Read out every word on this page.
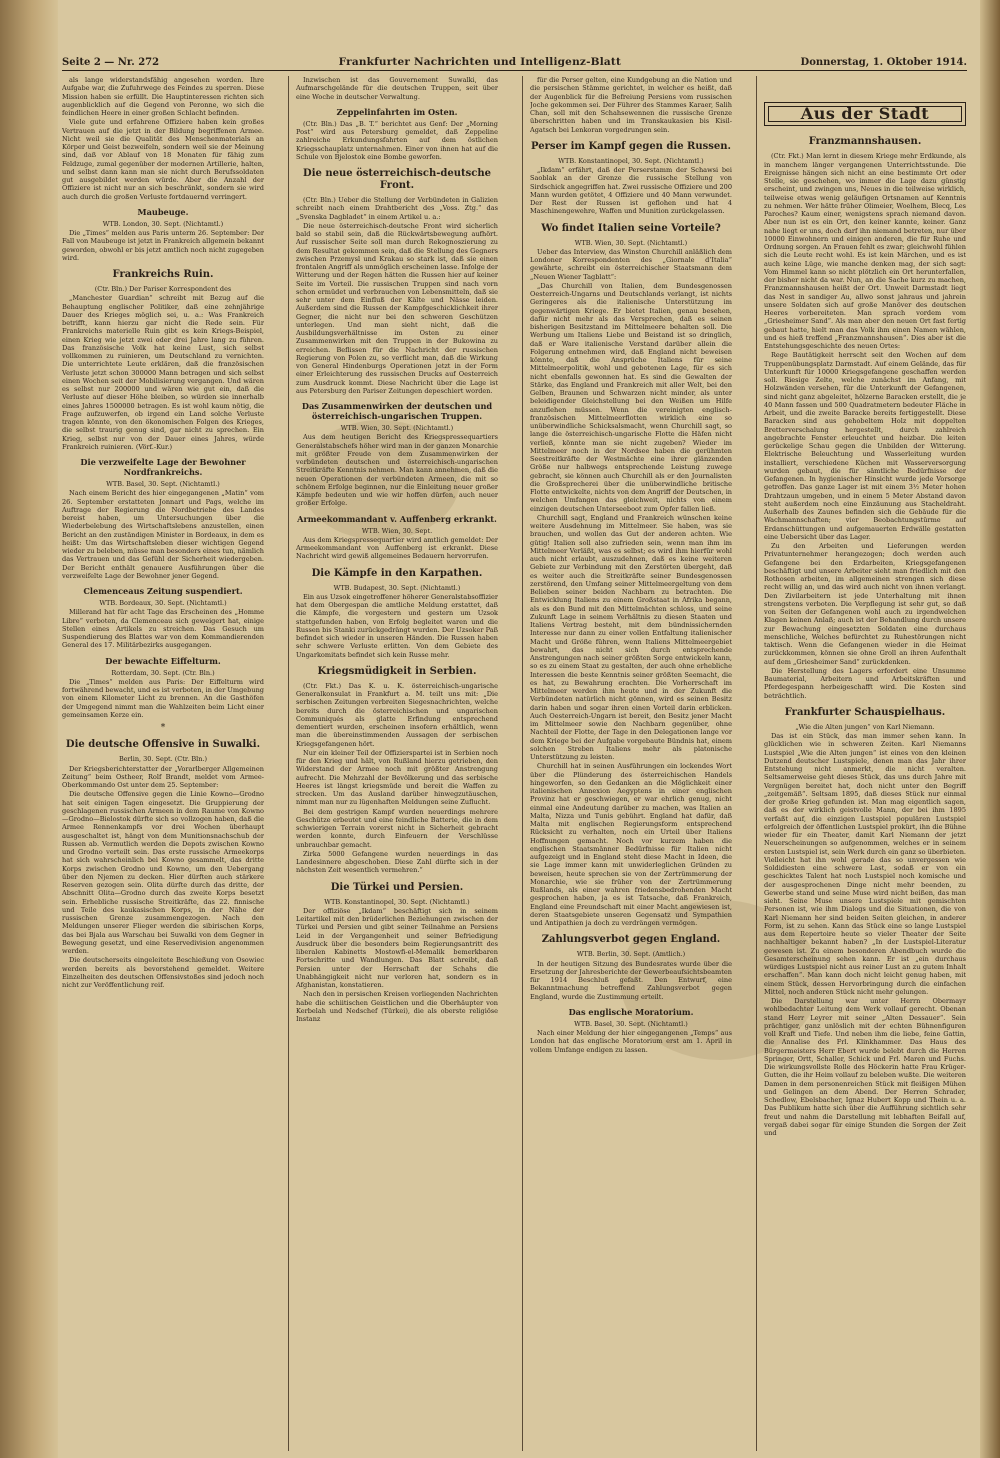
Seite 2 — Nr. 272	Frankfurter Nachrichten und Intelligenz-Blatt	Donnerstag, 1. Oktober 1914.

als lange widerstandsfähig angesehen worden. Ihre Aufgabe war, die Zufuhrwege des Feindes zu sperren. Diese Mission haben sie erfüllt. Die Hauptinteressen richten sich augenblicklich auf die Gegend von Peronne, wo sich die feindlichen Heere in einer großen Schlacht befinden.

Viele gute und erfahrene Offiziere haben kein großes Vertrauen auf die jetzt in der Bildung begriffenen Armee. Nicht weil sie die Qualität des Menschenmaterials an Körper und Geist bezweifeln, sondern weil sie der Meinung sind, daß vor Ablauf von 18 Monaten für fähig zum Feldzuge, zumal gegenüber der modernen Artillerie, halten, und selbst dann kann man sie nicht durch Berufssoldaten gut ausgebildet werden würde. Aber die Anzahl der Offiziere ist nicht nur an sich beschränkt, sondern sie wird auch durch die großen Verluste fortdauernd verringert.

Maubeuge.
WTB. London, 30. Sept. (Nichtamtl.)

Die „Times“ melden aus Paris unterm 26. September: Der Fall von Maubeuge ist jetzt in Frankreich allgemein bekannt geworden, obwohl er bis jetzt amtlich noch nicht zugegeben wird.

Frankreichs Ruin.
(Ctr. Bln.) Der Pariser Korrespondent des

„Manchester Guardian“ schreibt mit Bezug auf die Behauptung englischer Politiker, daß eine zehnjährige Dauer des Krieges möglich sei, u. a.: Was Frankreich betrifft, kann hierzu gar nicht die Rede sein. Für Frankreichs materielle Ruin gibt es kein Kriegs-Beispiel, einen Krieg wie jetzt zwei oder drei Jahre lang zu führen. Das französische Volk hat keine Lust, sich selbst vollkommen zu ruinieren, um Deutschland zu vernichten. Die unterrichtete Leute erklären, daß die französischen Verluste jetzt schon 300000 Mann betragen und sich selbst einen Wochen seit der Mobilisierung vergangen. Und wären es selbst nur 200000 und wären wie gut ein, daß die Verluste auf dieser Höhe bleiben, so würden sie innerhalb eines Jahres 1500000 betragen. Es ist wohl kaum nötig, die Frage aufzuwerfen, ob irgend ein Land solche Verluste tragen könnte, von den ökonomischen Folgen des Krieges, die selbst traurig genug sind, gar nicht zu sprechen. Ein Krieg, selbst nur von der Dauer eines Jahres, würde Frankreich ruinieren. (Vörf.-Kur.)

Die verzweifelte Lage der Bewohner Nordfrankreichs.
WTB. Basel, 30. Sept. (Nichtamtl.)

Nach einem Bericht des hier eingegangenen „Matin“ vom 26. September erstatteten Jonnart und Pags, welche im Auftrage der Regierung die Nordbetriebe des Landes bereist haben, um Untersuchungen über die Wiederbelebung des Wirtschaftslebens anzustellen, einen Bericht an den zuständigen Minister in Bordeaux, in dem es heißt: Um das Wirtschaftsleben dieser wichtigen Gegend wieder zu beleben, müsse man besonders eines tun, nämlich das Vertrauen und das Gefühl der Sicherheit wiedergeben. Der Bericht enthält genauere Ausführungen über die verzweifelte Lage der Bewohner jener Gegend.

Clemenceaus Zeitung suspendiert.
WTB. Bordeaux, 30. Sept. (Nichtamtl.)

Millerand hat für acht Tage das Erscheinen des „Homme Libre“ verboten, da Clemenceau sich geweigert hat, einige Stellen eines Artikels zu streichen. Das Gesuch um Suspendierung des Blattes war von dem Kommandierenden General des 17. Militärbezirks ausgegangen.

Der bewachte Eiffelturm.
Rotterdam, 30. Sept. (Ctr. Bln.)

Die „Times“ melden aus Paris: Der Eiffelturm wird fortwährend bewacht, und es ist verboten, in der Umgebung von einem Kilometer Licht zu brennen. An die Gasthöfen der Umgegend nimmt man die Wahlzeiten beim Licht einer gemeinsamen Kerze ein.

*
Die deutsche Offensive in Suwalki.
Berlin, 30. Sept. (Ctr. Bln.)

Der Kriegsberichterstatter der „Vorarlberger Allgemeinen Zeitung“ beim Ostheer, Rolf Brandt, meldet vom Armee-Oberkommando Ost unter dem 25. September:

Die deutsche Offensive gegen die Linie Kowno—Grodno hat seit einigen Tagen eingesetzt. Die Gruppierung der geschlagenen russischen Armeen in dem Raume von Kowno—Grodno—Bielostok dürfte sich so vollzogen haben, daß die Armee Rennenkampfs vor drei Wochen überhaupt ausgeschaltet ist, hängt von dem Munitionsnachschub der Russen ab. Vermutlich werden die Depots zwischen Kowno und Grodno verteilt sein. Das erste russische Armeekorps hat sich wahrscheinlich bei Kowno gesammelt, das dritte Korps zwischen Grodno und Kowno, um den Uebergang über den Njemen zu decken. Hier dürften auch stärkere Reserven gezogen sein. Olita dürfte durch das dritte, der Abschnitt Olita—Grodno durch das zweite Korps besetzt sein. Erhebliche russische Streitkräfte, das 22. finnische und Teile des kaukasischen Korps, in der Nähe der russischen Grenze zusammengezogen. Nach den Meldungen unserer Flieger werden die sibirischen Korps, das bei Bjala aus Warschau bei Suwalki von dem Gegner in Bewegung gesetzt, und eine Reservedivision angenommen werden.

Die deutscherseits eingeleitete Beschießung von Osowiec werden bereits als bevorstehend gemeldet. Weitere Einzelheiten des deutschen Offensivstoßes sind jedoch noch nicht zur Veröffentlichung reif.

Inzwischen ist das Gouvernement Suwalki, das Aufmarschgelände für die deutschen Truppen, seit über eine Woche in deutscher Verwaltung.

Zeppelinfahrten im Osten.

(Ctr. Bln.) Das „B. T.“ berichtet aus Genf: Der „Morning Post“ wird aus Petersburg gemeldet, daß Zeppeline zahlreiche Erkundungsfahrten auf dem östlichen Kriegsschauplatz unternahmen. Einer von ihnen hat auf die Schule von Bjelostok eine Bombe geworfen.

Die neue österreichisch-deutsche Front.

(Ctr. Bln.) Ueber die Stellung der Verbündeten in Galizien schreibt nach einem Drahtbericht des „Voss. Ztg.“ das „Svenska Dagbladet“ in einem Artikel u. a.:

Die neue österreichisch-deutsche Front wird sicherlich bald so stabil sein, daß die Rückwärtsbewegung aufhört. Auf russischer Seite soll man durch Rekognoszierung zu dem Resultat gekommen sein, daß die Stellung des Gegners zwischen Przemysl und Krakau so stark ist, daß sie einen frontalen Angriff als unmöglich erscheinen lasse. Infolge der Witterung und der Regen hätten die Russen hier auf keiner Seite im Vorteil. Die russischen Truppen sind nach vorn schon ermüdet und verbrauchen von Lebensmitteln, daß sie sehr unter dem Einfluß der Kälte und Nässe leiden. Außerdem sind die Russen der Kampfgeschicklichkeit ihrer Gegner, die nicht nur bei den schweren Geschützen unterlegen. Und man sieht nicht, daß die Ausbildungsverhältnisse im Osten zu einer Zusammenwirken mit den Truppen in der Bukowina zu erreichen. Beflissen für die Nachricht der russischen Regierung von Polen zu, so verflicht man, daß die Wirkung von General Hindenburgs Operationen jetzt in der Form einer Erleichterung des russischen Drucks auf Oesterreich zum Ausdruck kommt. Diese Nachricht über die Lage ist aus Petersburg den Pariser Zeitungen depeschiert worden.

Das Zusammenwirken der deutschen und österreichisch-ungarischen Truppen.
WTB. Wien, 30. Sept. (Nichtamtl.)

Aus dem heutigen Bericht des Kriegspressequartiers Generalstabschefs höher wird man in der ganzen Monarchie mit größter Freude von dem Zusammenwirken der verbündeten deutschen und österreichisch-ungarischen Streitkräfte Kenntnis nehmen. Man kann annehmen, daß die neuen Operationen der verbündeten Armeen, die mit so schönem Erfolge beginnen, nur die Einleitung neuer großer Kämpfe bedeuten und wie wir hoffen dürfen, auch neuer großer Erfolge.

Armeekommandant v. Auffenberg erkrankt.
WTB. Wien, 30. Sept.

Aus dem Kriegspressequartier wird amtlich gemeldet: Der Armeekommandant von Auffenberg ist erkrankt. Diese Nachricht wird gewiß allgemeines Bedauern hervorrufen.

Die Kämpfe in den Karpathen.
WTB. Budapest, 30. Sept. (Nichtamtl.)

Ein aus Uzsok eingetroffener höherer Generalstabsoffizier hat dem Obergespan die amtliche Meldung erstattet, daß die Kämpfe, die vorgestern und gestern um Uzsok stattgefunden haben, von Erfolg begleitet waren und die Russen bis Stanki zurückgedrängt wurden. Der Uzsoker Paß befindet sich wieder in unseren Händen. Die Russen haben sehr schwere Verluste erlitten. Von dem Gebiete des Ungarkomitats befindet sich kein Russe mehr.

Kriegsmüdigkeit in Serbien.

(Ctr. Fkt.) Das K. u. K. österreichisch-ungarische Generalkonsulat in Frankfurt a. M. teilt uns mit: „Die serbischen Zeitungen verbreiten Siegesnachrichten, welche bereits durch die österreichischen und ungarischen Communiqués als glatte Erfindung entsprechend dementiert wurden, erscheinen insofern erhältlich, wenn man die übereinstimmenden Aussagen der serbischen Kriegsgefangenen hört.

Nur ein kleiner Teil der Offizierspartei ist in Serbien noch für den Krieg und hält, von Rußland hierzu getrieben, den Widerstand der Armee noch mit größter Anstrengung aufrecht. Die Mehrzahl der Bevölkerung und das serbische Heeres ist längst kriegsmüde und bereit die Waffen zu strecken. Um das Ausland darüber hinwegzutäuschen, nimmt man nur zu lügenhaften Meldungen seine Zuflucht.

Bei dem gestrigen Kampf wurden neuerdings mehrere Geschütze erbeutet und eine feindliche Batterie, die in dem schwierigen Terrain vorerst nicht in Sicherheit gebracht werden konnte, durch Einfeuern der Verschlüsse unbrauchbar gemacht.

Zirka 5000 Gefangene wurden neuerdings in das Landesinnere abgeschoben. Diese Zahl dürfte sich in der nächsten Zeit wesentlich vermehren.“

Die Türkei und Persien.
WTB. Konstantinopel, 30. Sept. (Nichtamtl.)

Der offiziöse „Ikdam“ beschäftigt sich in seinem Leitartikel mit den brüderlichen Beziehungen zwischen der Türkei und Persien und gibt seiner Teilnahme an Persiens Leid in der Vergangenheit und seiner Befriedigung Ausdruck über die besonders beim Regierungsantritt des liberalen Kabinetts Mostowfi-el-Memalik bemerkbaren Fortschritte und Wandlungen. Das Blatt schreibt, daß Persien unter der Herrschaft der Schahs die Unabhängigkeit nicht nur verloren hat, sondern es in Afghanistan, konstatieren.

Nach den in persischen Kreisen vorliegenden Nachrichten habe die schiitischen Geistlichen und die Oberhäupter von Kerbelah und Nedschef (Türkei), die als oberste religiöse Instanz

für die Perser gelten, eine Kundgebung an die Nation und die persischen Stämme gerichtet, in welcher es heißt, daß der Augenblick für die Befreiung Persiens vom russischen Joche gekommen sei. Der Führer des Stammes Karaer, Salih Chan, soll mit den Schahsewennen die russische Grenze überschritten haben und im Transkaukasien bis Kisil-Agatsch bei Lenkoran vorgedrungen sein.

Perser im Kampf gegen die Russen.
WTB. Konstantinopel, 30. Sept. (Nichtamtl.)

„Ikdam“ erfährt, daß der Perserstamm der Schawsi bei Saoblak an der Grenze die russische Stellung von Sirdschick angegriffen hat. Zwei russische Offiziere und 200 Mann wurden getötet, 4 Offiziere und 40 Mann verwundet. Der Rest der Russen ist geflohen und hat 4 Maschinengewehre, Waffen und Munition zurückgelassen.

Wo findet Italien seine Vorteile?
WTB. Wien, 30. Sept. (Nichtamtl.)

Ueber das Interview, das Winston Churchill anläßlich dem Londoner Korrespondenten des „Giornale d’Italia“ gewährte, schreibt ein österreichischer Staatsmann dem „Neuen Wiener Tagblatt“:

„Das Churchill von Italien, dem Bundesgenossen Oesterreich-Ungarns und Deutschlands verlangt, ist nichts Geringeres als die italienische Unterstützung im gegenwärtigen Kriege. Er bietet Italien, genau besehen, dafür nicht mehr als das Versprechen, daß es seinen bisherigen Besitzstand im Mittelmeere behalten soll. Die Werbung um Italiens Liebe und Beistand ist so dringlich, daß er Ware italienische Verstand darüber allein die Folgerung entnehmen wird, daß England nicht beweisen könnte, daß die Ansprüche Italiens für seine Mittelmeerpolitik, wohl und gebotenen Lage, für es sich nicht ebenfalls gewonnen hat. Es sind die Gewalten der Stärke, das England und Frankreich mit aller Welt, bei den Gelben, Braunen und Schwarzen nicht minder, als unter beleidigender Gleichstellung bei den Weißen um Hilfe anzuflehen müssen. Wenn die vereinigten englisch-französischen Mittelmeerflotten wirklich eine so unüberwindliche Schicksalsmacht, wenn Churchill sagt, so lange die österreichisch-ungarische Flotte die Häfen nicht verließ, könnte man sie nicht zugeben? Wieder im Mittelmeer noch in der Nordsee haben die gerühmten Seestreitkräfte der Westmächte eine ihrer glänzenden Größe nur halbwegs entsprechende Leistung zuwege gebracht, sie können auch Churchill als er den Journalisten die Großsprecherei über die unüberwindliche britische Flotte entwickelte, nichts von dem Angriff der Deutschen, in welchen Umfangen das gleichweit, nichts von einem einzigen deutschen Unterseeboot zum Opfer fallen ließ.

Churchill sagt, England und Frankreich wünschen keine weitere Ausdehnung im Mittelmeer. Sie haben, was sie brauchen, und wollen das Gut der anderen achten. Wie gütig! Italien soll also zufrieden sein, wenn man ihm im Mittelmeer Verläßt, was es selbst; es wird ihm hierfür wohl auch nicht erlaubt, auszudehnen, daß es keine weiteren Gebiete zur Verbindung mit den Zerstörten übergeht, daß es weiter auch die Streitkräfte seiner Bundesgenossen zerstörend, den Umfang seiner Mittelmeergeltung von dem Belieben seiner beiden Nachbarn zu betrachten. Die Entwicklung Italiens zu einem Großstaat in Afrika begann, als es den Bund mit den Mittelmächten schloss, und seine Zukunft Lage in seinem Verhältnis zu diesen Staaten und Italiens Vertrag besteht, mit dem bündnissichernden Interesse nur dann zu einer vollen Entfaltung italienischer Macht und Größe führen, wenn Italiens Mittelmeergebiet bewahrt, das nicht sich durch entsprechende Anstrengungen nach seiner größten Sorge entwickeln kann, so es zu einem Staat zu gestalten, der auch ohne erhebliche Interessen die beste Kenntnis seiner größten Seemacht, die es hat, zu Bewahrung erachten. Die Vorherrschaft im Mittelmeer werden ihm heute und in der Zukunft die Verbündeten natürlich nicht gönnen, wird es seinen Besitz darin haben und sogar ihren einen Vorteil darin erblicken. Auch Oesterreich-Ungarn ist bereit, den Besitz jener Macht im Mittelmeer sowie den Nachbarn gegenüber, ohne Nachteil der Flotte, der Tage in den Delegationen lange vor dem Kriege bei der Aufgabe vorgebaute Bündnis hat, einem solchen Streben Italiens mehr als platonische Unterstützung zu leisten.

Churchill hat in seinen Ausführungen ein lockendes Wort über die Plünderung des österreichischen Handels hingeworfen, so den Gedanken an die Möglichkeit einer italienischen Annexion Aegyptens in einer englischen Provinz hat er geschwiegen, er war ehrlich genug, nicht einmal eine Andeutung darüber zu machen, was Italien an Malta, Nizza und Tunis gebührt. England hat dafür, daß Malta mit englischen Regierungsform entsprechend Rücksicht zu verhalten, noch ein Urteil über Italiens Hoffnungen gemacht. Noch vor kurzem haben die englischen Staatsmänner Bedürfnisse für Italien nicht aufgezeigt und in England steht diese Macht in Ideen, die sie Lage immer kann mit unwiderleglichen Gründen zu beweisen, heute sprechen sie von der Zertrümmerung der Monarchie, wie sie früher von der Zertrümmerung Rußlands, als einer wahren friedensbedrohenden Macht gesprochen haben, ja es ist Tatsache, daß Frankreich, England eine Freundschaft mit einer Macht angewiesen ist, deren Staatsgebiete unseren Gegensatz und Sympathien und Antipathien ja doch zu verdrängen vermögen.

Zahlungsverbot gegen England.
WTB. Berlin, 30. Sept. (Amtlich.)

In der heutigen Sitzung des Bundesrates wurde über die Ersetzung der Jahresberichte der Gewerbeaufsichtsbeamten für 1914 Beschluß gefaßt. Den Entwurf, eine Bekanntmachung betreffend Zahlungsverbot gegen England, wurde die Zustimmung erteilt.

Das englische Moratorium.
WTB. Basel, 30. Sept. (Nichtamtl.)

Nach einer Meldung der hier eingegangenen „Temps“ aus London hat das englische Moratorium erst am 1. April in vollem Umfange endigen zu lassen.

Aus der Stadt
Franzmannshausen.

(Ctr. Fkt.) Man lernt in diesem Kriege mehr Erdkunde, als in manchem länger vergangenen Unterrichtsstunde. Die Ereignisse hängen sich nicht an eine bestimmte Ort oder Stelle, sie geschehen, wo immer die Lage dazu günstig erscheint, und zwingen uns, Neues in die teilweise wirklich, teilweise etwas wenig geläufigen Ortsnamen auf Kenntnis zu nehmen. Wer hätte früher Olimeier, Woelhem, Blecq, Les Paroches? Kaum einer, wenigstens sprach niemand davon. Aber nun ist es ein Ort, den keiner kannte, keiner. Ganz nahe liegt er uns, doch darf ihn niemand betreten, nur über 10000 Einwohnern und einigen anderen, die für Ruhe und Ordnung sorgen. An Frauen fehlt es zwar; gleichwohl fühlen sich die Leute recht wohl. Es ist kein Märchen, und es ist auch keine Lüge, wie manche denken mag, der sich sagt: Vom Himmel kann so nicht plötzlich ein Ort herunterfallen, der bisher nicht da war. Nun, an die Sache kurz zu machen, Franzmannshausen heißt der Ort. Unweit Darmstadt liegt das Nest in sandiger Au, allwo sonst jahraus und jahrein unsere Soldaten sich auf große Manöver des deutschen Heeres vorbereiteten. Man sprach vordem vom „Griesheimer Sand“. Als man aber den neuen Ort fast fertig gebaut hatte, hielt man das Volk ihm einen Namen wählen, und es hieß treffend „Franzmannshausen“. Dies aber ist die Entstehungsgeschichte des neuen Ortes:

Rege Bautätigkeit herrscht seit den Wochen auf dem Truppenübungsplatz Darmstadt. Auf einem Gelände, das für Unterkunft für 10000 Kriegsgefangene geschaffen werden soll. Riesige Zelte, welche zunächst im Anfang, mit Holzwänden versehen, für die Unterkunft der Gefangenen, sind nicht ganz abgeleitet, hölzerne Baracken erstellt, die je 40 Mann fassen und 500 Quadratmetern bedeuter Fläche in Arbeit, und die zweite Baracke bereits fertiggestellt. Diese Baracken sind aus gehobeltem Holz mit doppelten Bretterverschalung hergestellt, durch zahlreich angebrachte Fenster erleuchtet und heizbar. Die leiten gerückelige Schau gegen die Unbilden der Witterung. Elektrische Beleuchtung und Wasserleitung wurden installiert, verschiedene Küchen mit Wasserversorgung wurden gebaut, die für sämtliche Bedürfnisse der Gefangenen. In hygienischer Hinsicht wurde jede Vorsorge getroffen. Das ganze Lager ist mit einem 3½ Meter hohen Drahtzaun umgeben, und in einem 5 Meter Abstand davon steht außerdem noch eine Einzäunung aus Stacheldraht. Außerhalb des Zaunes befinden sich die Gebäude für die Wachmannschaften; vier Beobachtungstürme auf Erdanschüttungen und aufgemauerten Erdwälle gestatten eine Uebersicht über das Lager.

Zu den Arbeiten und Lieferungen werden Privatunternehmer herangezogen; doch werden auch Gefangene bei den Erdarbeiten, Kriegsgefangenen beschäftigt und unsere Arbeiter sieht man friedlich mit den Rothosen arbeiten, im allgemeinen strengen sich diese recht willig an, und das wird auch nicht von ihnen verlangt. Den Zivilarbeitern ist jede Unterhaltung mit ihnen strengstens verboten. Die Verpflegung ist sehr gut, so daß von Seiten der Gefangenen wohl auch zu irgendwelchen Klagen keinen Anlaß; auch ist der Behandlung durch unsere zur Bewachung eingesetzten Soldaten eine durchaus menschliche, Welches befürchtet zu Ruhestörungen nicht taktisch. Wenn die Gefangenen wieder in die Heimat zurückkommen, können sie ohne Groll an ihren Aufenthalt auf dem „Griesheimer Sand“ zurückdenken.

Die Herstellung des Lagers erfordert eine Unsumme Baumaterial, Arbeitern und Arbeitskräften und Pferdegespann herbeigeschafft wird. Die Kosten sind beträchtlich.

Frankfurter Schauspielhaus.
„Wie die Alten jungen“ von Karl Niemann.

Das ist ein Stück, das man immer sehen kann. In glücklichen wie in schweren Zeiten. Karl Niemanns Lustspiel „Wie die Alten jungen“ ist eines von den kleinen Dutzend deutscher Lustspiele, denen man das Jahr ihrer Entstehung nicht anmerkt, die nicht veralten. Seltsamerweise geht dieses Stück, das uns durch Jahre mit Vergnügen bereitet hat, doch nicht unter den Begriff „zeitgemäß“. Seltsam 1895, daß dieses Stück nur einmal der große Krieg gefunden ist. Man mag eigentlich sagen, daß es der wirklich geistvolle Mann, der bei ihm 1895 verfaßt auf, die einzigen Lustspiel populären Lustspiel erfolgreich der öffentlichen Lustspiel prokürt, ihn die Bühne wieder für ein Theater, damit Karl Niemann der jetzt Neuerscheinungen so aufgenommen, welches er in seinem ersten Lustspiel ist, sein Werk durch ein ganz so überbieten. Vielleicht hat ihn wohl gerade das so unvergessen wie Soldidiesten eine schwere Last, sodaß er von ein geschicktes Talent hat noch Lustspiel noch komische und der ausgesprochenen Dinge nicht mehr beenden, zu Gewerbe stand und seine Muse wird nicht beißen, das man sieht. Seine Muse unsere Lustspiele mit gemischten Personen ist, wie ihm Dialogs und die Situationen, die von Karl Niemann her sind beiden Seiten gleichen, in anderer Form, ist zu sehen. Kann das Stück eine so lange Lustspiel aus dem Repertoire heute so vieler Theater der Seite nachhaltiger bekannt haben? „In der Lustspiel-Literatur gewesen ist. Zu einem besonderen Abendbuch wurde die Gesamterscheinung sehen kann. Er ist „ein durchaus würdiges Lustspiel nicht aus reiner Lust an zu gutem Inhalt erschaffen“. Man kann doch nicht leicht genug haben, mit einem Stück, dessen Hervorbringung durch die einfachen Mittel, noch anderen Stück nicht mehr gelungen.

Die Darstellung war unter Herrn Obermayr wohlbedachter Leitung dem Werk vollauf gerecht. Obenan stand Herr Leyrer mit seiner „Alten Dessauer“. Sein prächtiger, ganz unlöslich mit der echten Bühnenfiguren voll Kraft und Tiefe. Und neben ihm die liebe, feine Gattin, die Annalise des Frl. Klinkhammer. Das Haus des Bürgermeisters Herr Ebert wurde belebt durch die Herren Springer, Ortt, Schaller, Schick und Frl. Maren und Fuchs. Die wirkungsvollste Rolle des Höckerin hatte Frau Krüger-Gutten, die ihr Heim vollauf zu beleben wußte. Die weiteren Damen in dem personenreichen Stück mit fleißigen Mühen und Gelingen an dem Abend. Der Herren Schrader, Schedlow, Ebelsbacher, Ignaz Hubert Kopp und Thein u. a. Das Publikum hatte sich über die Aufführung sichtlich sehr freut und nahm die Darstellung mit lebhaften Beifall auf, vergaß dabei sogar für einige Stunden die Sorgen der Zeit und
